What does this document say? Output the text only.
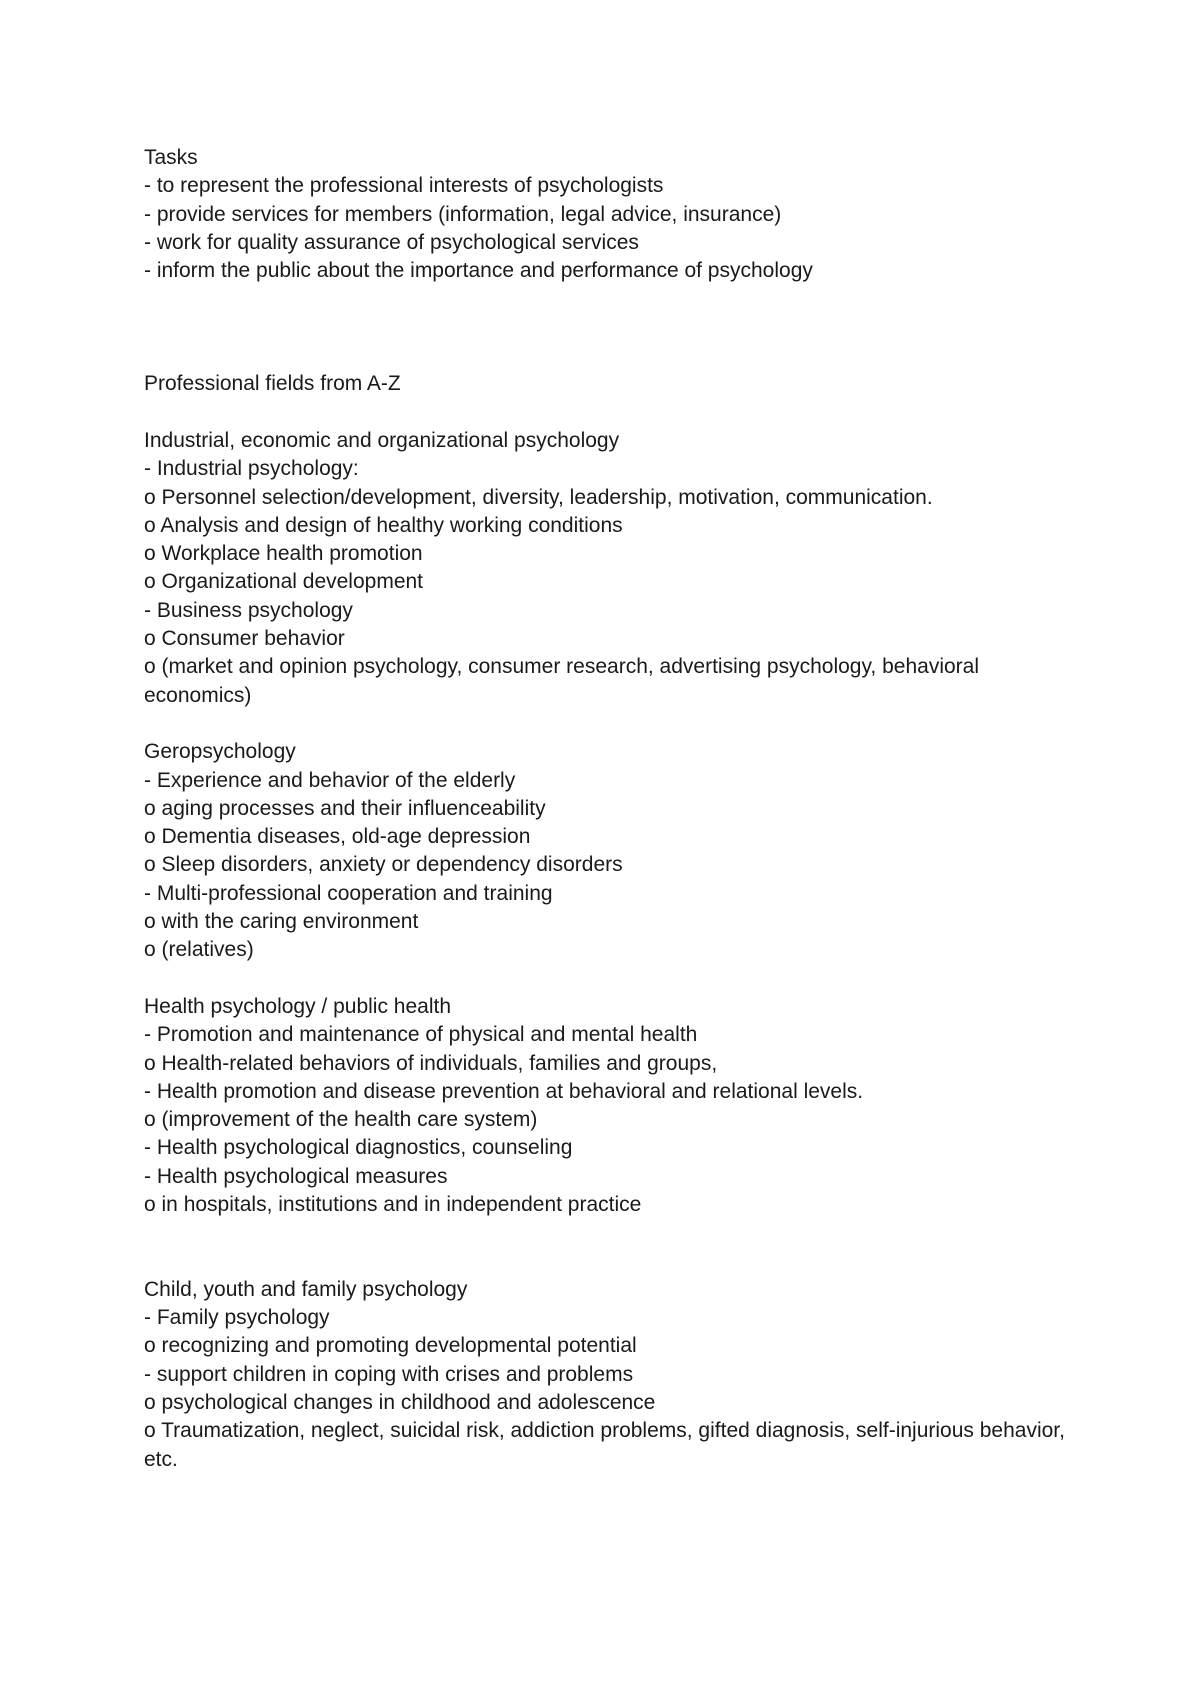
Tasks
- to represent the professional interests of psychologists
- provide services for members (information, legal advice, insurance)
- work for quality assurance of psychological services
- inform the public about the importance and performance of psychology
Professional fields from A-Z
Industrial, economic and organizational psychology
- Industrial psychology:
o Personnel selection/development, diversity, leadership, motivation, communication.
o Analysis and design of healthy working conditions
o Workplace health promotion
o Organizational development
- Business psychology
o Consumer behavior
o (market and opinion psychology, consumer research, advertising psychology, behavioral economics)
Geropsychology
- Experience and behavior of the elderly
o aging processes and their influenceability
o Dementia diseases, old-age depression
o Sleep disorders, anxiety or dependency disorders
- Multi-professional cooperation and training
o with the caring environment
o (relatives)
Health psychology / public health
- Promotion and maintenance of physical and mental health
o Health-related behaviors of individuals, families and groups,
- Health promotion and disease prevention at behavioral and relational levels.
o (improvement of the health care system)
- Health psychological diagnostics, counseling
- Health psychological measures
o in hospitals, institutions and in independent practice
Child, youth and family psychology
- Family psychology
o recognizing and promoting developmental potential
- support children in coping with crises and problems
o psychological changes in childhood and adolescence
o Traumatization, neglect, suicidal risk, addiction problems, gifted diagnosis, self-injurious behavior, etc.
